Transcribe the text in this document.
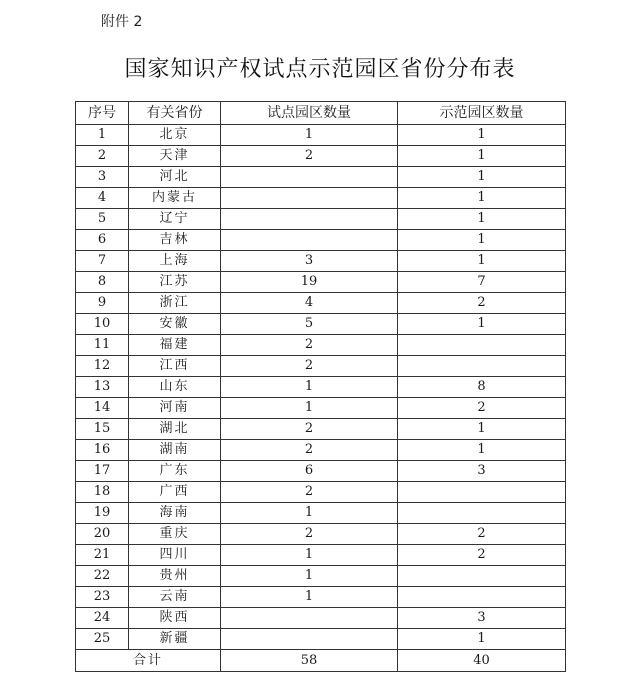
附件 2
国家知识产权试点示范园区省份分布表
序号	有关省份	试点园区数量	示范园区数量
1	北京	1	1
2	天津	2	1
3	河北		1
4	内蒙古		1
5	辽宁		1
6	吉林		1
7	上海	3	1
8	江苏	19	7
9	浙江	4	2
10	安徽	5	1
11	福建	2	
12	江西	2	
13	山东	1	8
14	河南	1	2
15	湖北	2	1
16	湖南	2	1
17	广东	6	3
18	广西	2	
19	海南	1	
20	重庆	2	2
21	四川	1	2
22	贵州	1	
23	云南	1	
24	陕西		3
25	新疆		1
合计		58	40
